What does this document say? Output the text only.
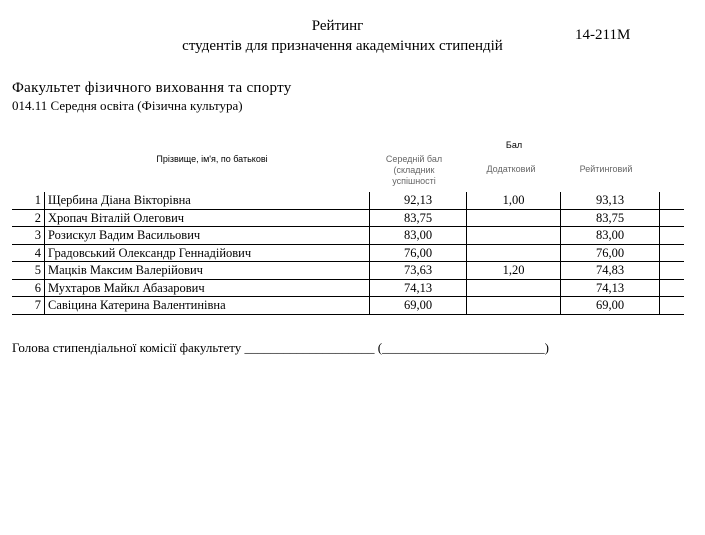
Рейтинг
студентів для призначення академічних стипендій
14-211М
Факультет фізичного виховання та спорту
014.11 Середня освіта (Фізична культура)
Прізвище, ім'я, по батькові
Бал
Середній бал
(складник
успішності
Додатковий	Рейтинговий
1	Щербина Діана Вікторівна	92,13	1,00	93,13	
2	Хропач Віталій Олегович	83,75		83,75	
3	Розискул Вадим Васильович	83,00		83,00	
4	Градовський Олександр Геннадійович	76,00		76,00	
5	Мацків Максим Валерійович	73,63	1,20	74,83	
6	Мухтаров Майкл Абазарович	74,13		74,13	
7	Савіцина Катерина Валентинівна	69,00		69,00	
Голова стипендіальної комісії факультету ____________________ (_________________________)
